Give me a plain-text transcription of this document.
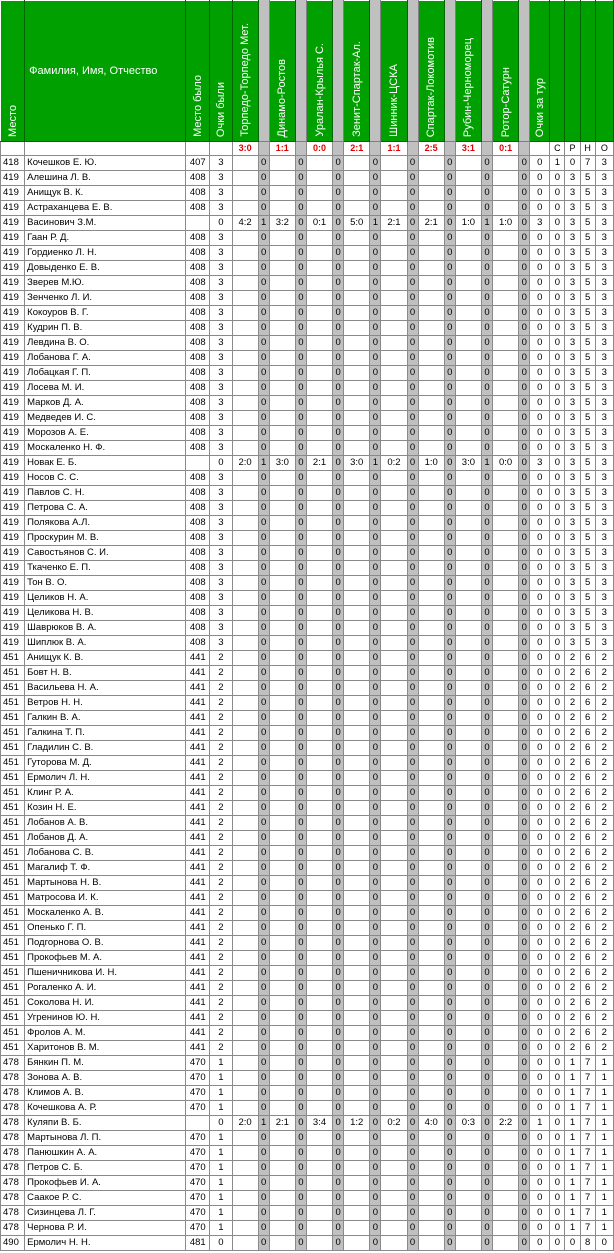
Место	Фамилия, Имя, Отчество	Место было	Очки были	Торпедо-Торпедо Мет.		Динамо-Ростов		Уралан-Крылья С.		Зенит-Спартак-Ал.		Шинник-ЦСКА		Спартак-Локомотив		Рубин-Черноморец		Ротор-Сатурн		Очки за тур				

				3:0		1:1		0:0		2:1		1:1		2:5		3:1		0:1			С	Р	Н	О
418	Кочешков Е. Ю.	407	3		0		0		0		0		0		0		0		0	0	1	0	7	3
419	Алешина Л. В.	408	3		0		0		0		0		0		0		0		0	0	0	3	5	3
419	Анищук В. К.	408	3		0		0		0		0		0		0		0		0	0	0	3	5	3
419	Астраханцева Е. В.	408	3		0		0		0		0		0		0		0		0	0	0	3	5	3
419	Васинович З.М.		0	4:2	1	3:2	0	0:1	0	5:0	1	2:1	0	2:1	0	1:0	1	1:0	0	3	0	3	5	3
419	Гаан Р. Д.	408	3		0		0		0		0		0		0		0		0	0	0	3	5	3
419	Гордиенко Л. Н.	408	3		0		0		0		0		0		0		0		0	0	0	3	5	3
419	Довыденко Е. В.	408	3		0		0		0		0		0		0		0		0	0	0	3	5	3
419	Зверев М.Ю.	408	3		0		0		0		0		0		0		0		0	0	0	3	5	3
419	Зенченко Л. И.	408	3		0		0		0		0		0		0		0		0	0	0	3	5	3
419	Кокоуров В. Г.	408	3		0		0		0		0		0		0		0		0	0	0	3	5	3
419	Кудрин П. В.	408	3		0		0		0		0		0		0		0		0	0	0	3	5	3
419	Левдина В. О.	408	3		0		0		0		0		0		0		0		0	0	0	3	5	3
419	Лобанова Г. А.	408	3		0		0		0		0		0		0		0		0	0	0	3	5	3
419	Лобацкая Г. П.	408	3		0		0		0		0		0		0		0		0	0	0	3	5	3
419	Лосева М. И.	408	3		0		0		0		0		0		0		0		0	0	0	3	5	3
419	Марков Д. А.	408	3		0		0		0		0		0		0		0		0	0	0	3	5	3
419	Медведев И. С.	408	3		0		0		0		0		0		0		0		0	0	0	3	5	3
419	Морозов А. Е.	408	3		0		0		0		0		0		0		0		0	0	0	3	5	3
419	Москаленко Н. Ф.	408	3		0		0		0		0		0		0		0		0	0	0	3	5	3
419	Новак Е. Б.		0	2:0	1	3:0	0	2:1	0	3:0	1	0:2	0	1:0	0	3:0	1	0:0	0	3	0	3	5	3
419	Носов С. С.	408	3		0		0		0		0		0		0		0		0	0	0	3	5	3
419	Павлов С. Н.	408	3		0		0		0		0		0		0		0		0	0	0	3	5	3
419	Петрова С. А.	408	3		0		0		0		0		0		0		0		0	0	0	3	5	3
419	Полякова А.Л.	408	3		0		0		0		0		0		0		0		0	0	0	3	5	3
419	Проскурин М. В.	408	3		0		0		0		0		0		0		0		0	0	0	3	5	3
419	Савостьянов С. И.	408	3		0		0		0		0		0		0		0		0	0	0	3	5	3
419	Ткаченко Е. П.	408	3		0		0		0		0		0		0		0		0	0	0	3	5	3
419	Тон В. О.	408	3		0		0		0		0		0		0		0		0	0	0	3	5	3
419	Целиков Н. А.	408	3		0		0		0		0		0		0		0		0	0	0	3	5	3
419	Целикова Н. В.	408	3		0		0		0		0		0		0		0		0	0	0	3	5	3
419	Шаврюков В. А.	408	3		0		0		0		0		0		0		0		0	0	0	3	5	3
419	Шиплюк В. А.	408	3		0		0		0		0		0		0		0		0	0	0	3	5	3
451	Анищук К. В.	441	2		0		0		0		0		0		0		0		0	0	0	2	6	2
451	Бовт Н. В.	441	2		0		0		0		0		0		0		0		0	0	0	2	6	2
451	Васильева Н. А.	441	2		0		0		0		0		0		0		0		0	0	0	2	6	2
451	Ветров Н. Н.	441	2		0		0		0		0		0		0		0		0	0	0	2	6	2
451	Галкин В. А.	441	2		0		0		0		0		0		0		0		0	0	0	2	6	2
451	Галкина Т. П.	441	2		0		0		0		0		0		0		0		0	0	0	2	6	2
451	Гладилин С. В.	441	2		0		0		0		0		0		0		0		0	0	0	2	6	2
451	Гуторова М. Д.	441	2		0		0		0		0		0		0		0		0	0	0	2	6	2
451	Ермолич Л. Н.	441	2		0		0		0		0		0		0		0		0	0	0	2	6	2
451	Клинг Р. А.	441	2		0		0		0		0		0		0		0		0	0	0	2	6	2
451	Козин Н. Е.	441	2		0		0		0		0		0		0		0		0	0	0	2	6	2
451	Лобанов А. В.	441	2		0		0		0		0		0		0		0		0	0	0	2	6	2
451	Лобанов Д. А.	441	2		0		0		0		0		0		0		0		0	0	0	2	6	2
451	Лобанова С. В.	441	2		0		0		0		0		0		0		0		0	0	0	2	6	2
451	Магалиф Т. Ф.	441	2		0		0		0		0		0		0		0		0	0	0	2	6	2
451	Мартынова Н. В.	441	2		0		0		0		0		0		0		0		0	0	0	2	6	2
451	Матросова И. К.	441	2		0		0		0		0		0		0		0		0	0	0	2	6	2
451	Москаленко А. В.	441	2		0		0		0		0		0		0		0		0	0	0	2	6	2
451	Опенько Г. П.	441	2		0		0		0		0		0		0		0		0	0	0	2	6	2
451	Подгорнова О. В.	441	2		0		0		0		0		0		0		0		0	0	0	2	6	2
451	Прокофьев М. А.	441	2		0		0		0		0		0		0		0		0	0	0	2	6	2
451	Пшеничникова И. Н.	441	2		0		0		0		0		0		0		0		0	0	0	2	6	2
451	Рогаленко А. И.	441	2		0		0		0		0		0		0		0		0	0	0	2	6	2
451	Соколова Н. И.	441	2		0		0		0		0		0		0		0		0	0	0	2	6	2
451	Угренинов Ю. Н.	441	2		0		0		0		0		0		0		0		0	0	0	2	6	2
451	Фролов А. М.	441	2		0		0		0		0		0		0		0		0	0	0	2	6	2
451	Харитонов В. М.	441	2		0		0		0		0		0		0		0		0	0	0	2	6	2
478	Бянкин П. М.	470	1		0		0		0		0		0		0		0		0	0	0	1	7	1
478	Зонова А. В.	470	1		0		0		0		0		0		0		0		0	0	0	1	7	1
478	Климов А. В.	470	1		0		0		0		0		0		0		0		0	0	0	1	7	1
478	Кочешкова А. Р.	470	1		0		0		0		0		0		0		0		0	0	0	1	7	1
478	Куляпи В. Б.		0	2:0	1	2:1	0	3:4	0	1:2	0	0:2	0	4:0	0	0:3	0	2:2	0	1	0	1	7	1
478	Мартынова Л. П.	470	1		0		0		0		0		0		0		0		0	0	0	1	7	1
478	Панюшкин А. А.	470	1		0		0		0		0		0		0		0		0	0	0	1	7	1
478	Петров С. Б.	470	1		0		0		0		0		0		0		0		0	0	0	1	7	1
478	Прокофьев И. А.	470	1		0		0		0		0		0		0		0		0	0	0	1	7	1
478	Саакое Р. С.	470	1		0		0		0		0		0		0		0		0	0	0	1	7	1
478	Сизинцева Л. Г.	470	1		0		0		0		0		0		0		0		0	0	0	1	7	1
478	Чернова Р. И.	470	1		0		0		0		0		0		0		0		0	0	0	1	7	1
490	Ермолич Н. Н.	481	0		0		0		0		0		0		0		0		0	0	0	0	8	0
